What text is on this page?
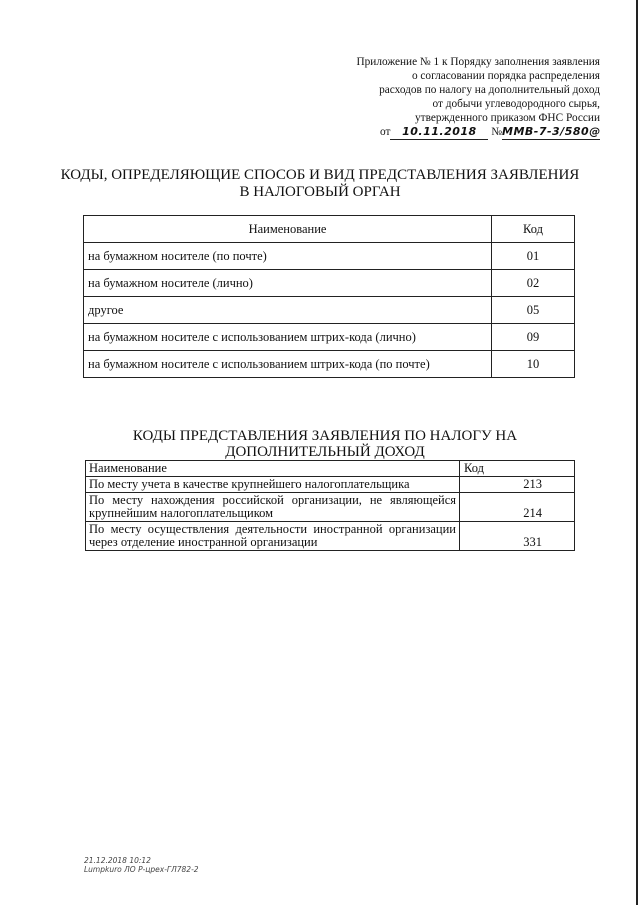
Приложение № 1 к Порядку заполнения заявления
о согласовании порядка распределения
расходов по налогу на дополнительный доход
от добычи углеводородного сырья,
утвержденного приказом ФНС России
от 10.11.2018 №ММВ-7-3/580@
КОДЫ, ОПРЕДЕЛЯЮЩИЕ СПОСОБ И ВИД ПРЕДСТАВЛЕНИЯ ЗАЯВЛЕНИЯ
В НАЛОГОВЫЙ ОРГАН
Наименование	Код
на бумажном носителе (по почте)	01
на бумажном носителе (лично)	02
другое	05
на бумажном носителе с использованием штрих-кода (лично)	09
на бумажном носителе с использованием штрих-кода (по почте)	10
КОДЫ ПРЕДСТАВЛЕНИЯ ЗАЯВЛЕНИЯ ПО НАЛОГУ НА
ДОПОЛНИТЕЛЬНЫЙ ДОХОД
Наименование	Код
По месту учета в качестве крупнейшего налогоплательщика	213
По месту нахождения российской организации, не являющейся крупнейшим налогоплательщиком	214
По месту осуществления деятельности иностранной организации через отделение иностранной организации	331
21.12.2018 10:12
Lumpkuro ЛО Р-црех-ГЛ782-2
